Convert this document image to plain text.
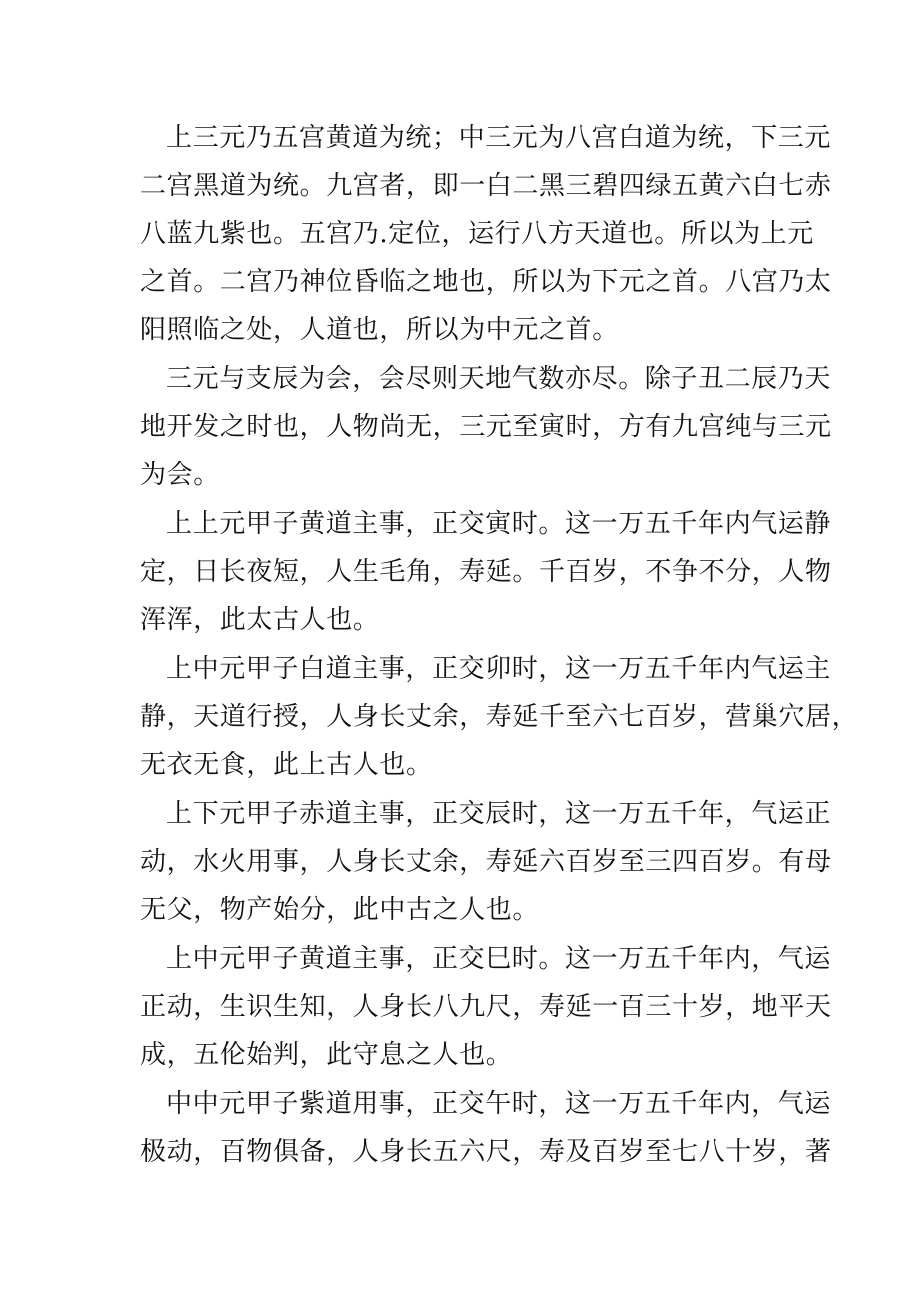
上三元乃五宫黄道为统；中三元为八宫白道为统，下三元
二宫黑道为统。九宫者，即一白二黑三碧四绿五黄六白七赤
八蓝九紫也。五宫乃.定位，运行八方天道也。所以为上元
之首。二宫乃神位昏临之地也，所以为下元之首。八宫乃太
阳照临之处，人道也，所以为中元之首。
三元与支辰为会，会尽则天地气数亦尽。除子丑二辰乃天
地开发之时也，人物尚无，三元至寅时，方有九宫纯与三元
为会。
上上元甲子黄道主事，正交寅时。这一万五千年内气运静
定，日长夜短，人生毛角，寿延。千百岁，不争不分，人物
浑浑，此太古人也。
上中元甲子白道主事，正交卯时，这一万五千年内气运主
静，天道行授，人身长丈余，寿延千至六七百岁，营巢穴居，
无衣无食，此上古人也。
上下元甲子赤道主事，正交辰时，这一万五千年，气运正
动，水火用事，人身长丈余，寿延六百岁至三四百岁。有母
无父，物产始分，此中古之人也。
上中元甲子黄道主事，正交巳时。这一万五千年内，气运
正动，生识生知，人身长八九尺，寿延一百三十岁，地平天
成，五伦始判，此守息之人也。
中中元甲子紫道用事，正交午时，这一万五千年内，气运
极动，百物俱备，人身长五六尺，寿及百岁至七八十岁，著
